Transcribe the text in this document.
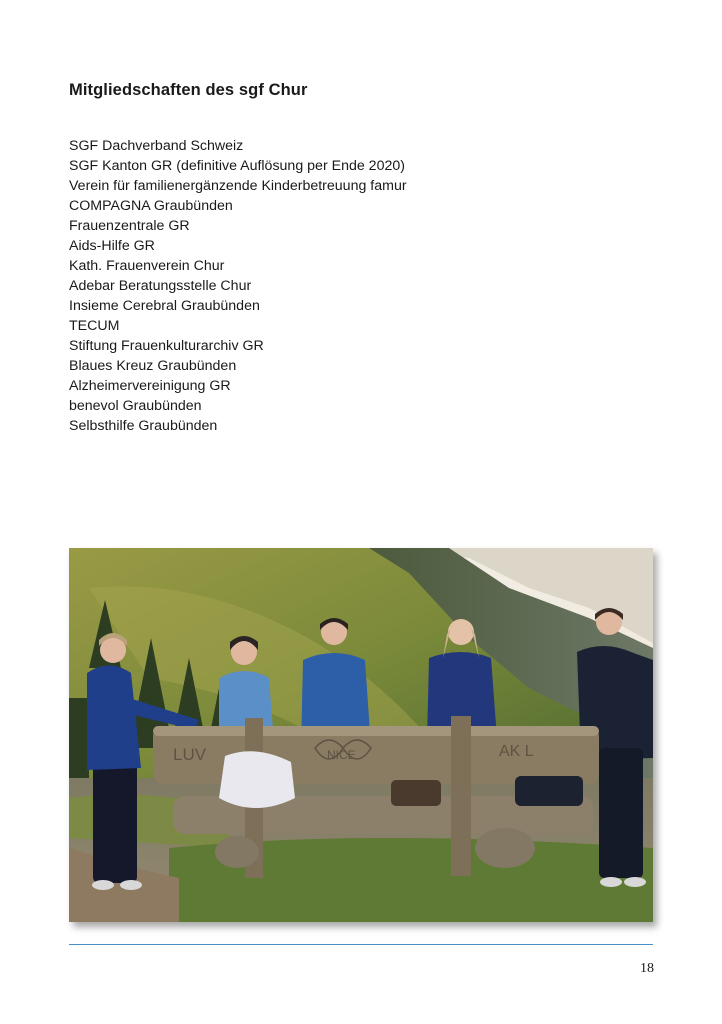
Mitgliedschaften des sgf Chur
SGF Dachverband Schweiz
SGF Kanton GR (definitive Auflösung per Ende 2020)
Verein für familienergänzende Kinderbetreuung famur
COMPAGNA Graubünden
Frauenzentrale GR
Aids-Hilfe GR
Kath. Frauenverein Chur
Adebar Beratungsstelle Chur
Insieme Cerebral Graubünden
TECUM
Stiftung Frauenkulturarchiv GR
Blaues Kreuz Graubünden
Alzheimervereinigung GR
benevol Graubünden
Selbsthilfe Graubünden
LUV	NICE	AK L
18
